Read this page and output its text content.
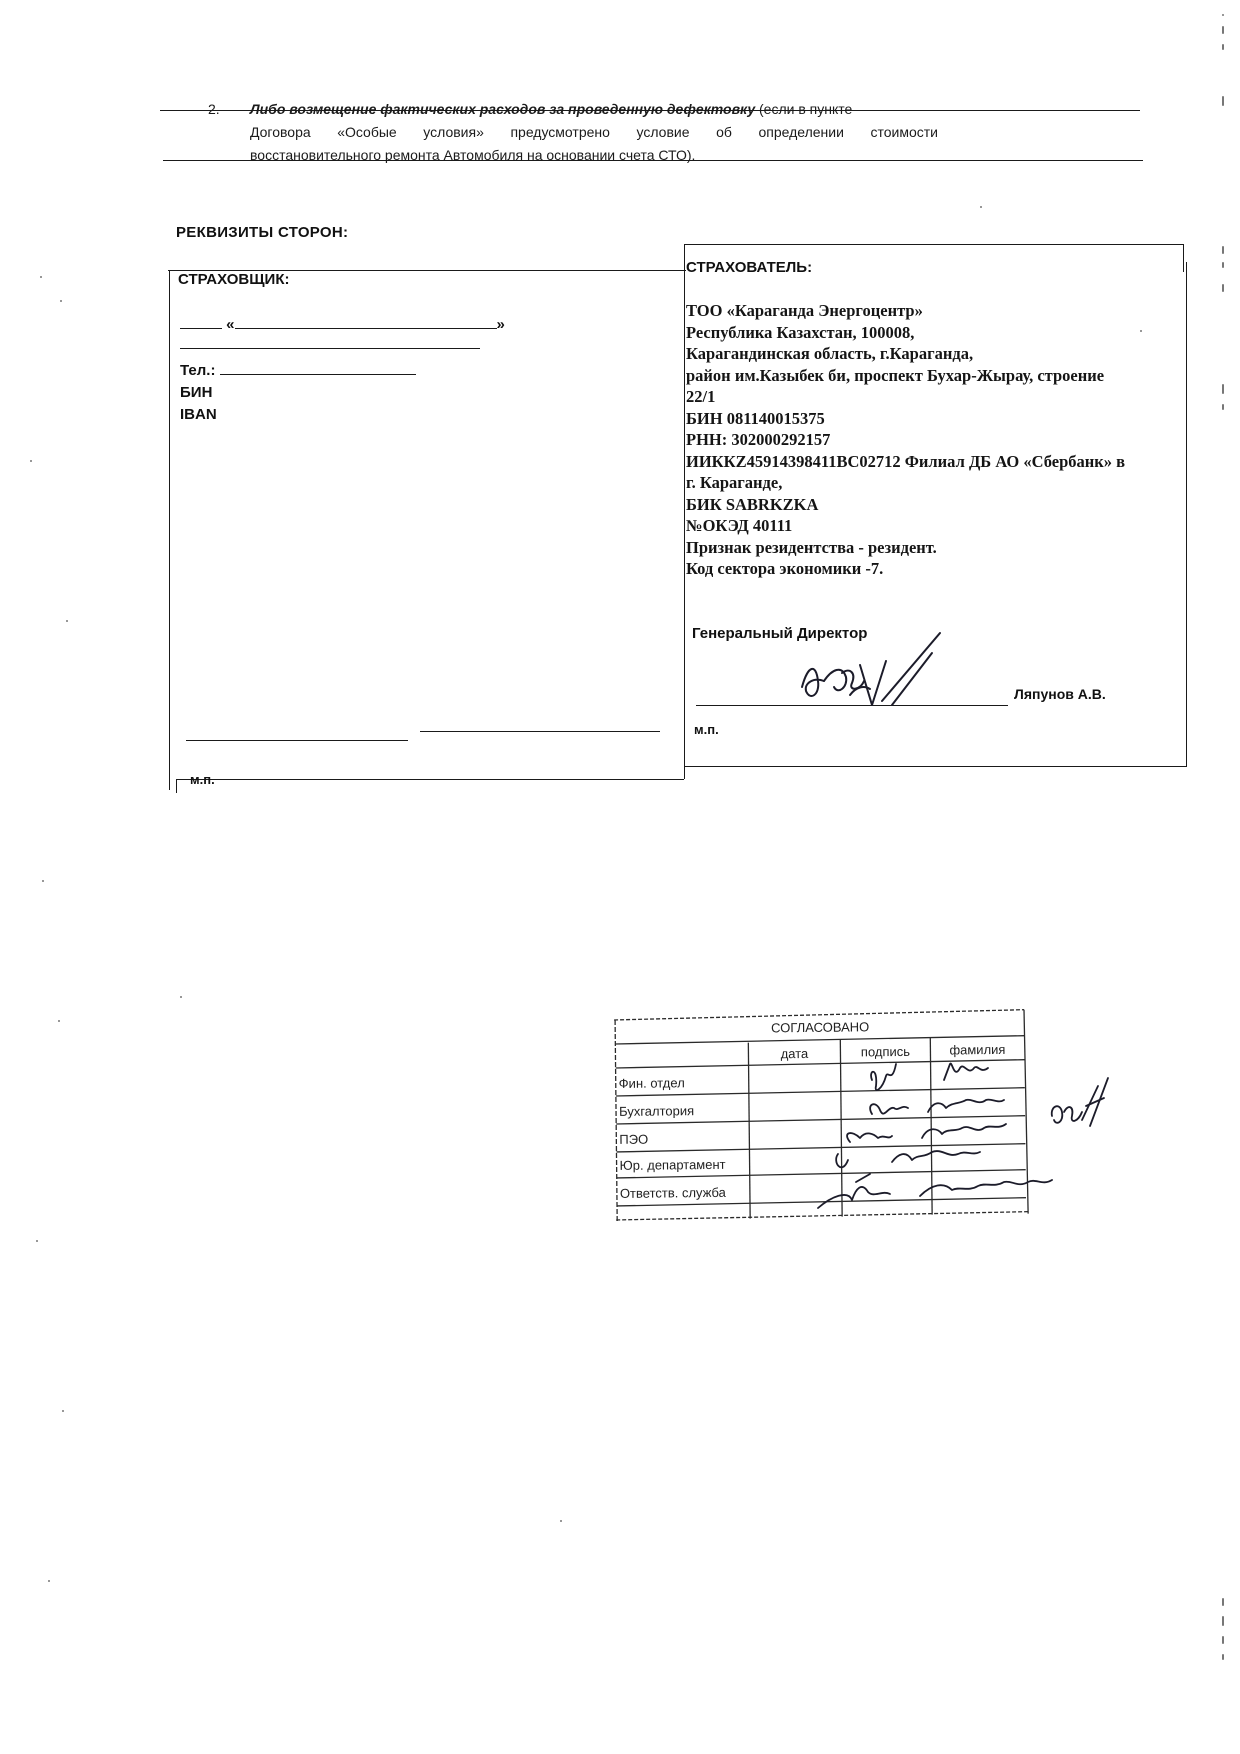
2. Либо возмещение фактических расходов за проведенную дефектовку (если в пункте
Договора «Особые условия» предусмотрено условие об определении стоимости
восстановительного ремонта Автомобиля на основании счета СТО).
РЕКВИЗИТЫ СТОРОН:
СТРАХОВЩИК:
«	»
Тел.:
БИН
IBAN
м.п.
СТРАХОВАТЕЛЬ:
ТОО «Караганда Энергоцентр»
Республика Казахстан, 100008,
Карагандинская область, г.Караганда,
район им.Казыбек би, проспект Бухар-Жырау, строение
22/1
БИН 081140015375
РНН: 302000292157
ИИККZ45914398411BC02712 Филиал ДБ АО «Сбербанк» в
г. Караганде,
БИК SABRKZKA
№ОКЭД 40111
Признак резидентства - резидент.
Код сектора экономики -7.
Генеральный Директор
Ляпунов А.В.
м.п.
СОГЛАСОВАНО
дата	подпись	фамилия
Фин. отдел
Бухгалтория
ПЭО
Юр. департамент
Ответств. служба
